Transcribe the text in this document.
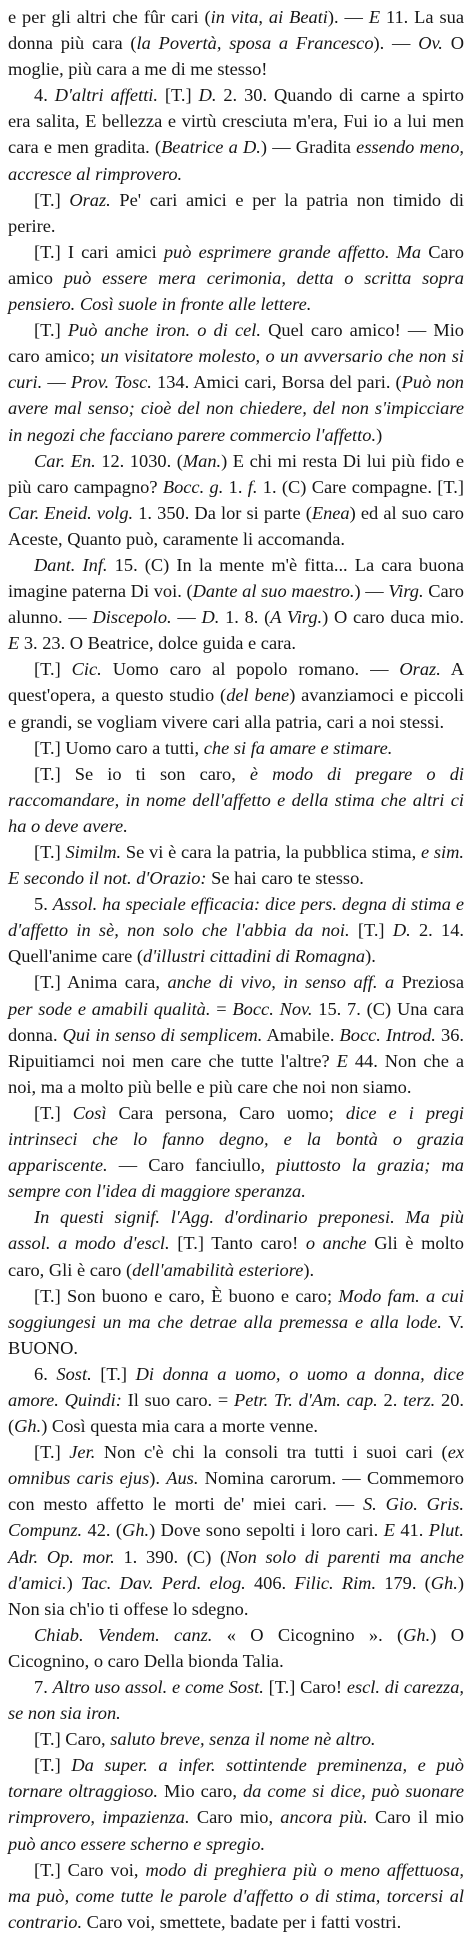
e per gli altri che fûr cari (in vita, ai Beati). — E 11. La sua donna più cara (la Povertà, sposa a Francesco). — Ov. O moglie, più cara a me di me stesso!

4. D'altri affetti. [T.] D. 2. 30. Quando di carne a spirto era salita, E bellezza e virtù cresciuta m'era, Fui io a lui men cara e men gradita. (Beatrice a D.) — Gradita essendo meno, accresce al rimprovero.

[T.] Oraz. Pe' cari amici e per la patria non timido di perire.

[T.] I cari amici può esprimere grande affetto. Ma Caro amico può essere mera cerimonia, detta o scritta sopra pensiero. Così suole in fronte alle lettere.

[T.] Può anche iron. o di cel. Quel caro amico! — Mio caro amico; un visitatore molesto, o un avversario che non si curi. — Prov. Tosc. 134. Amici cari, Borsa del pari. (Può non avere mal senso; cioè del non chiedere, del non s'impicciare in negozi che facciano parere commercio l'affetto.)

Car. En. 12. 1030. (Man.) E chi mi resta Di lui più fido e più caro campagno? Bocc. g. 1. f. 1. (C) Care compagne. [T.] Car. Eneid. volg. 1. 350. Da lor si parte (Enea) ed al suo caro Aceste, Quanto può, caramente li accomanda.

Dant. Inf. 15. (C) In la mente m'è fitta... La cara buona imagine paterna Di voi. (Dante al suo maestro.) — Virg. Caro alunno. — Discepolo. — D. 1. 8. (A Virg.) O caro duca mio. E 3. 23. O Beatrice, dolce guida e cara.

[T.] Cic. Uomo caro al popolo romano. — Oraz. A quest'opera, a questo studio (del bene) avanziamoci e piccoli e grandi, se vogliam vivere cari alla patria, cari a noi stessi.

[T.] Uomo caro a tutti, che si fa amare e stimare.

[T.] Se io ti son caro, è modo di pregare o di raccomandare, in nome dell'affetto e della stima che altri ci ha o deve avere.

[T.] Similm. Se vi è cara la patria, la pubblica stima, e sim. E secondo il not. d'Orazio: Se hai caro te stesso.

5. Assol. ha speciale efficacia: dice pers. degna di stima e d'affetto in sè, non solo che l'abbia da noi. [T.] D. 2. 14. Quell'anime care (d'illustri cittadini di Romagna).

[T.] Anima cara, anche di vivo, in senso aff. a Preziosa per sode e amabili qualità. = Bocc. Nov. 15. 7. (C) Una cara donna. Qui in senso di semplicem. Amabile. Bocc. Introd. 36. Ripuitiamci noi men care che tutte l'altre? E 44. Non che a noi, ma a molto più belle e più care che noi non siamo.

[T.] Così Cara persona, Caro uomo; dice e i pregi intrinseci che lo fanno degno, e la bontà o grazia appariscente. — Caro fanciullo, piuttosto la grazia; ma sempre con l'idea di maggiore speranza.

In questi signif. l'Agg. d'ordinario preponesi. Ma più assol. a modo d'escl. [T.] Tanto caro! o anche Gli è molto caro, Gli è caro (dell'amabilità esteriore).

[T.] Son buono e caro, È buono e caro; Modo fam. a cui soggiungesi un ma che detrae alla premessa e alla lode. V. BUONO.

6. Sost. [T.] Di donna a uomo, o uomo a donna, dice amore. Quindi: Il suo caro. = Petr. Tr. d'Am. cap. 2. terz. 20. (Gh.) Così questa mia cara a morte venne.

[T.] Jer. Non c'è chi la consoli tra tutti i suoi cari (ex omnibus caris ejus). Aus. Nomina carorum. — Commemoro con mesto affetto le morti de' miei cari. — S. Gio. Gris. Compunz. 42. (Gh.) Dove sono sepolti i loro cari. E 41. Plut. Adr. Op. mor. 1. 390. (C) (Non solo di parenti ma anche d'amici.) Tac. Dav. Perd. elog. 406. Filic. Rim. 179. (Gh.) Non sia ch'io ti offese lo sdegno.

Chiab. Vendem. canz. « O Cicognino ». (Gh.) O Cicognino, o caro Della bionda Talia.

7. Altro uso assol. e come Sost. [T.] Caro! escl. di carezza, se non sia iron.

[T.] Caro, saluto breve, senza il nome nè altro.

[T.] Da super. a infer. sottintende preminenza, e può tornare oltraggioso. Mio caro, da come si dice, può suonare rimprovero, impazienza. Caro mio, ancora più. Caro il mio può anco essere scherno e spregio.

[T.] Caro voi, modo di preghiera più o meno affettuosa, ma può, come tutte le parole d'affetto o di stima, torcersi al contrario. Caro voi, smettete, badate per i fatti vostri.
